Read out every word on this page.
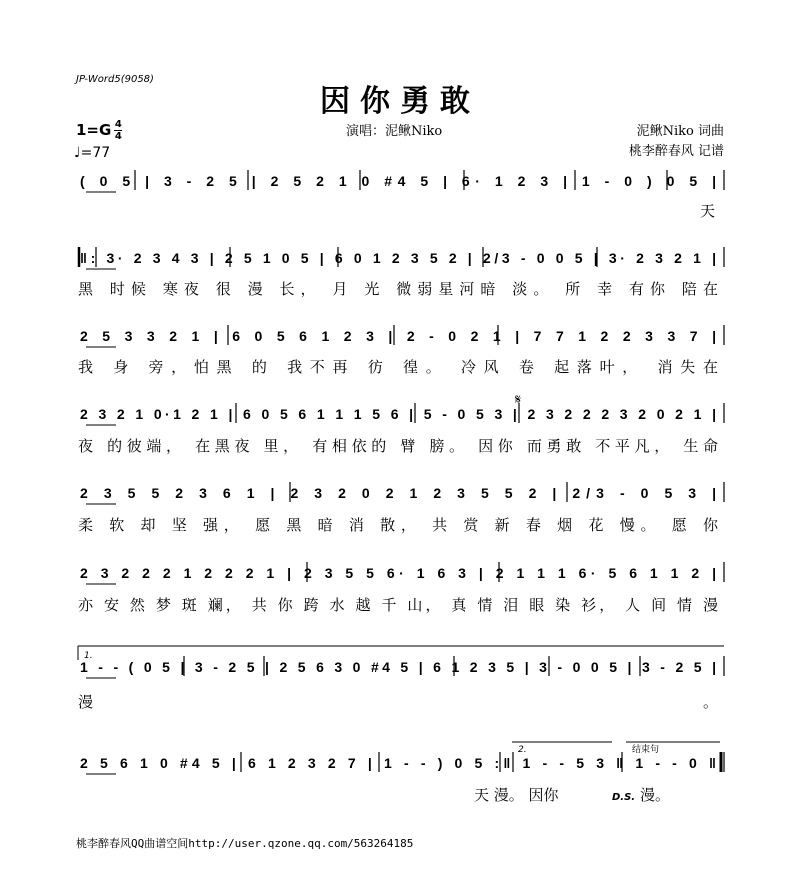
JP-Word5(9058)
因你勇敢
$1=G \frac{4}{4}$
♩=77
演唱：泥鳅Niko	泥鳅Niko 词曲
桃李醉春风 记谱
( 0 5 | 3 - 2 5 | 2 5 2 1 0 #4 5 | 6· 1 2 3 | 1 - 0 ) 0 5 |
天
‖: 3· 2 3 4 3 | 2 5 1 0 5 | 6 0 1 2 3 5 2 | 2/3 - 0 0 5 | 3· 2 3 2 1 |
黑 时候 寒夜 很 漫 长， 月 光 微弱星河暗 淡。 所 幸 有你 陪在
2 5 3 3 2 1 | 6 0 5 6 1 2 3 | 2 - 0 2 1 | 7 7 1 2 2 3 3 7 |
我 身 旁，怕黑 的 我不再 彷 徨。 冷风 卷 起落叶， 消失在
2 3 2 1 0·1 2 1 | 6 0 5 6 1 1 1 5 6 | 5 - 0 5 3 | 2 3 2 2 2 3 2 0 2 1 |
夜 的彼端， 在黑夜 里， 有相依的 臂 膀。 因你 而勇敢 不平凡， 生命
2 3 5 5 2 3 6 1 | 2 3 2 0 2 1 2 3 5 5 2 | 2/3 - 0 5 3 |
柔 软 却 坚 强， 愿 黑 暗 消 散， 共 赏 新 春 烟 花 慢。 愿 你
2 3 2 2 2 1 2 2 2 1 | 2 3 5 5 6· 1 6 3 | 2 1 1 1 6· 5 6 1 1 2 |
亦 安 然 梦 斑 斓， 共 你 跨 水 越 千 山， 真 情 泪 眼 染 衫， 人 间 情 漫
1 - - ( 0 5 | 3 - 2 5 | 2 5 6 3 0 #4 5 | 6 1 2 3 5 | 3 - 0 0 5 | 3 - 2 5 |
漫。
2 5 6 1 0 #4 5 | 6 1 2 3 2 7 | 1 - - ) 0 5 :‖ 1 - - 5 3 ‖ 1 - - 0 ‖
1.
2.	结束句
天 漫。 因你	D.S. 漫。
𝄋
桃李醉春风QQ曲谱空间http://user.qzone.qq.com/563264185
